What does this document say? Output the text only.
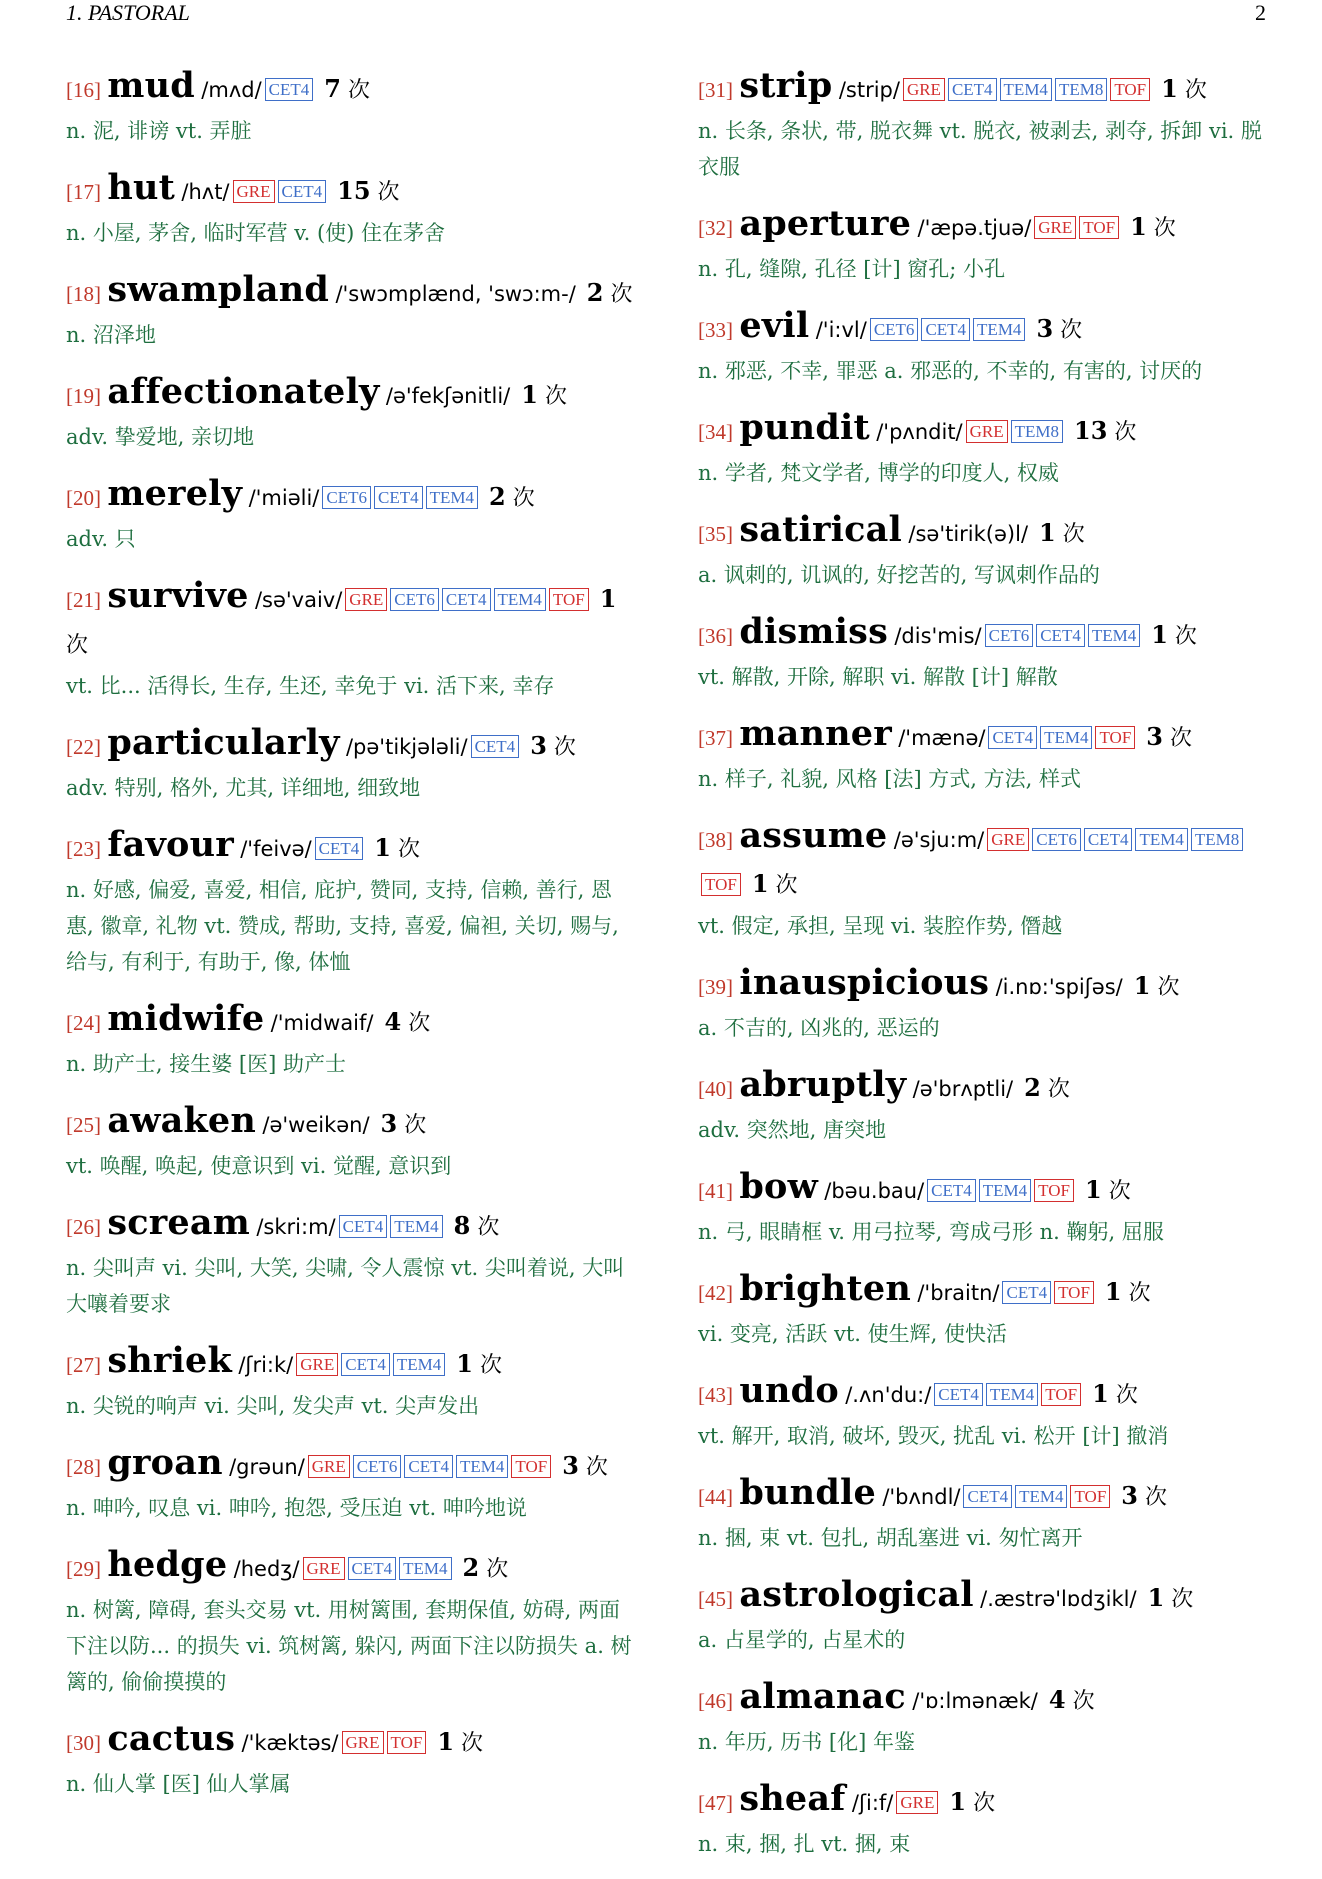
1. PASTORAL	2
[16] mud /mʌd/ CET4 7 次
n. 泥, 诽谤 vt. 弄脏
[17] hut /hʌt/ GRE CET4 15 次
n. 小屋, 茅舍, 临时军营 v. (使) 住在茅舍
[18] swampland /'swɔmplænd, 'swɔ:m-/ 2 次
n. 沼泽地
[19] affectionately /ə'fekʃənitli/ 1 次
adv. 挚爱地, 亲切地
[20] merely /'miəli/ CET6 CET4 TEM4 2 次
adv. 只
[21] survive /sə'vaiv/ GRE CET6 CET4 TEM4 TOF 1 次
vt. 比... 活得长, 生存, 生还, 幸免于 vi. 活下来, 幸存
[22] particularly /pə'tikjələli/ CET4 3 次
adv. 特别, 格外, 尤其, 详细地, 细致地
[23] favour /'feivə/ CET4 1 次
n. 好感, 偏爱, 喜爱, 相信, 庇护, 赞同, 支持, 信赖, 善行, 恩惠, 徽章, 礼物 vt. 赞成, 帮助, 支持, 喜爱, 偏袒, 关切, 赐与, 给与, 有利于, 有助于, 像, 体恤
[24] midwife /'midwaif/ 4 次
n. 助产士, 接生婆 [医] 助产士
[25] awaken /ə'weikən/ 3 次
vt. 唤醒, 唤起, 使意识到 vi. 觉醒, 意识到
[26] scream /skri:m/ CET4 TEM4 8 次
n. 尖叫声 vi. 尖叫, 大笑, 尖啸, 令人震惊 vt. 尖叫着说, 大叫大嚷着要求
[27] shriek /ʃri:k/ GRE CET4 TEM4 1 次
n. 尖锐的响声 vi. 尖叫, 发尖声 vt. 尖声发出
[28] groan /grəun/ GRE CET6 CET4 TEM4 TOF 3 次
n. 呻吟, 叹息 vi. 呻吟, 抱怨, 受压迫 vt. 呻吟地说
[29] hedge /hedʒ/ GRE CET4 TEM4 2 次
n. 树篱, 障碍, 套头交易 vt. 用树篱围, 套期保值, 妨碍, 两面下注以防... 的损失 vi. 筑树篱, 躲闪, 两面下注以防损失 a. 树篱的, 偷偷摸摸的
[30] cactus /'kæktəs/ GRE TOF 1 次
n. 仙人掌 [医] 仙人掌属
[31] strip /strip/ GRE CET4 TEM4 TEM8 TOF 1 次
n. 长条, 条状, 带, 脱衣舞 vt. 脱衣, 被剥去, 剥夺, 拆卸 vi. 脱衣服
[32] aperture /'æpə.tjuə/ GRE TOF 1 次
n. 孔, 缝隙, 孔径 [计] 窗孔; 小孔
[33] evil /'i:vl/ CET6 CET4 TEM4 3 次
n. 邪恶, 不幸, 罪恶 a. 邪恶的, 不幸的, 有害的, 讨厌的
[34] pundit /'pʌndit/ GRE TEM8 13 次
n. 学者, 梵文学者, 博学的印度人, 权威
[35] satirical /sə'tirik(ə)l/ 1 次
a. 讽刺的, 讥讽的, 好挖苦的, 写讽刺作品的
[36] dismiss /dis'mis/ CET6 CET4 TEM4 1 次
vt. 解散, 开除, 解职 vi. 解散 [计] 解散
[37] manner /'mænə/ CET4 TEM4 TOF 3 次
n. 样子, 礼貌, 风格 [法] 方式, 方法, 样式
[38] assume /ə'sju:m/ GRE CET6 CET4 TEM4 TEM8TOF 1 次
vt. 假定, 承担, 呈现 vi. 装腔作势, 僭越
[39] inauspicious /i.nɒ:'spiʃəs/ 1 次
a. 不吉的, 凶兆的, 恶运的
[40] abruptly /ə'brʌptli/ 2 次
adv. 突然地, 唐突地
[41] bow /bəu.bau/ CET4 TEM4 TOF 1 次
n. 弓, 眼睛框 v. 用弓拉琴, 弯成弓形 n. 鞠躬, 屈服
[42] brighten /'braitn/ CET4 TOF 1 次
vi. 变亮, 活跃 vt. 使生辉, 使快活
[43] undo /.ʌn'du:/ CET4 TEM4 TOF 1 次
vt. 解开, 取消, 破坏, 毁灭, 扰乱 vi. 松开 [计] 撤消
[44] bundle /'bʌndl/ CET4 TEM4 TOF 3 次
n. 捆, 束 vt. 包扎, 胡乱塞进 vi. 匆忙离开
[45] astrological /.æstrə'lɒdʒikl/ 1 次
a. 占星学的, 占星术的
[46] almanac /'ɒ:lmənæk/ 4 次
n. 年历, 历书 [化] 年鉴
[47] sheaf /ʃi:f/ GRE 1 次
n. 束, 捆, 扎 vt. 捆, 束
